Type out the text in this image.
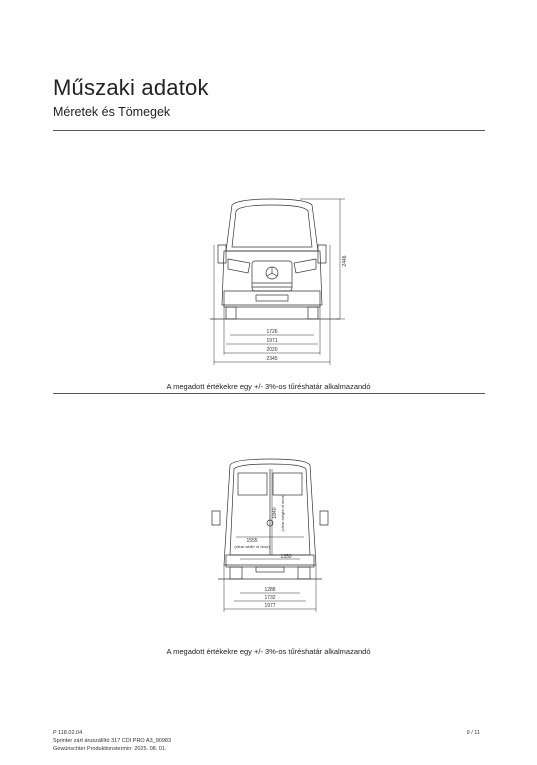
Műszaki adatok
Méretek és Tömegek
2446
1726
1971
2020
2345
A megadott értékekre egy +/- 3%-os tűréshatár alkalmazandó
1840 (clear height of door)
1555
(clear width of door)
1350
1288
1732
1977
A megadott értékekre egy +/- 3%-os tűréshatár alkalmazandó
P 118.02.04
Sprinter zárt áruszállító 317 CDI PRO A3_90983
Gewünschter Produktionstermin: 2025. 08. 01.
9 / 11
